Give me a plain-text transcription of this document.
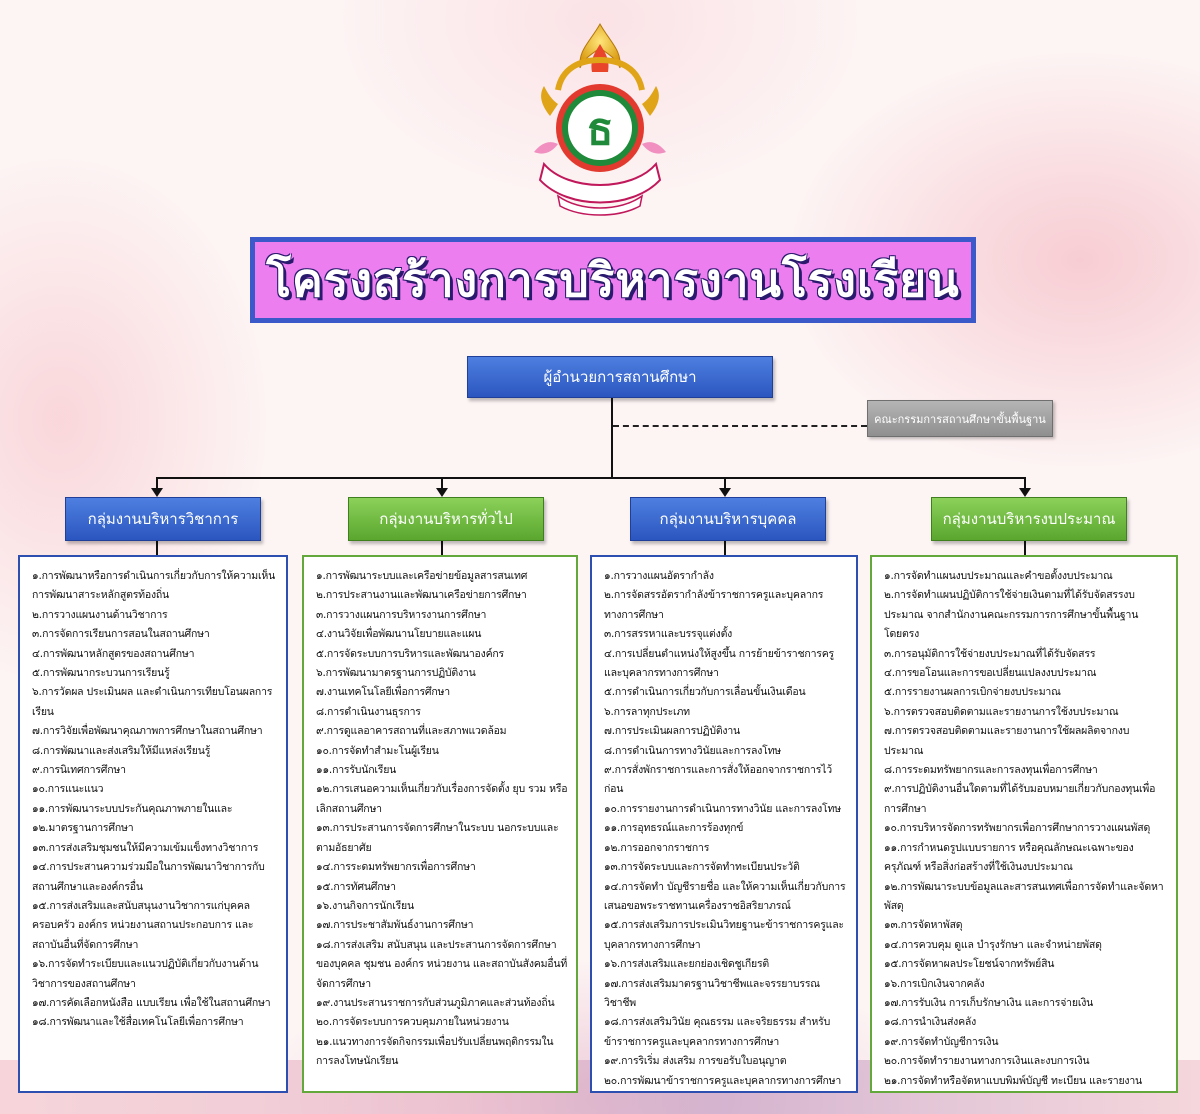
ธ
โครงสร้างการบริหารงานโรงเรียน
ผู้อำนวยการสถานศึกษา
คณะกรรมการสถานศึกษาขั้นพื้นฐาน
กลุ่มงานบริหารวิชาการ	กลุ่มงานบริหารทั่วไป	กลุ่มงานบริหารบุคคล	กลุ่มงานบริหารงบประมาณ
๑.การพัฒนาหรือการดำเนินการเกี่ยวกับการให้ความเห็นการพัฒนาสาระหลักสูตรท้องถิ่น
๒.การวางแผนงานด้านวิชาการ
๓.การจัดการเรียนการสอนในสถานศึกษา
๔.การพัฒนาหลักสูตรของสถานศึกษา
๕.การพัฒนากระบวนการเรียนรู้
๖.การวัดผล ประเมินผล และดำเนินการเทียบโอนผลการเรียน
๗.การวิจัยเพื่อพัฒนาคุณภาพการศึกษาในสถานศึกษา
๘.การพัฒนาและส่งเสริมให้มีแหล่งเรียนรู้
๙.การนิเทศการศึกษา
๑๐.การแนะแนว
๑๑.การพัฒนาระบบประกันคุณภาพภายในและ
๑๒.มาตรฐานการศึกษา
๑๓.การส่งเสริมชุมชนให้มีความเข้มแข็งทางวิชาการ
๑๔.การประสานความร่วมมือในการพัฒนาวิชาการกับสถานศึกษาและองค์กรอื่น
๑๕.การส่งเสริมและสนับสนุนงานวิชาการแก่บุคคล ครอบครัว องค์กร หน่วยงานสถานประกอบการ และสถาบันอื่นที่จัดการศึกษา
๑๖.การจัดทำระเบียบและแนวปฏิบัติเกี่ยวกับงานด้านวิชาการของสถานศึกษา
๑๗.การคัดเลือกหนังสือ แบบเรียน เพื่อใช้ในสถานศึกษา
๑๘.การพัฒนาและใช้สื่อเทคโนโลยีเพื่อการศึกษา
๑.การพัฒนาระบบและเครือข่ายข้อมูลสารสนเทศ
๒.การประสานงานและพัฒนาเครือข่ายการศึกษา
๓.การวางแผนการบริหารงานการศึกษา
๔.งานวิจัยเพื่อพัฒนานโยบายและแผน
๕.การจัดระบบการบริหารและพัฒนาองค์กร
๖.การพัฒนามาตรฐานการปฏิบัติงาน
๗.งานเทคโนโลยีเพื่อการศึกษา
๘.การดำเนินงานธุรการ
๙.การดูแลอาคารสถานที่และสภาพแวดล้อม
๑๐.การจัดทำสำมะโนผู้เรียน
๑๑.การรับนักเรียน
๑๒.การเสนอความเห็นเกี่ยวกับเรื่องการจัดตั้ง ยุบ รวม หรือเลิกสถานศึกษา
๑๓.การประสานการจัดการศึกษาในระบบ นอกระบบและตามอัธยาศัย
๑๔.การระดมทรัพยากรเพื่อการศึกษา
๑๕.การทัศนศึกษา
๑๖.งานกิจการนักเรียน
๑๗.การประชาสัมพันธ์งานการศึกษา
๑๘.การส่งเสริม สนับสนุน และประสานการจัดการศึกษาของบุคคล ชุมชน องค์กร หน่วยงาน และสถาบันสังคมอื่นที่จัดการศึกษา
๑๙.งานประสานราชการกับส่วนภูมิภาคและส่วนท้องถิ่น
๒๐.การจัดระบบการควบคุมภายในหน่วยงาน
๒๑.แนวทางการจัดกิจกรรมเพื่อปรับเปลี่ยนพฤติกรรมในการลงโทษนักเรียน
๑.การวางแผนอัตรากำลัง
๒.การจัดสรรอัตรากำลังข้าราชการครูและบุคลากรทางการศึกษา
๓.การสรรหาและบรรจุแต่งตั้ง
๔.การเปลี่ยนตำแหน่งให้สูงขึ้น การย้ายข้าราชการครูและบุคลากรทางการศึกษา
๕.การดำเนินการเกี่ยวกับการเลื่อนขั้นเงินเดือน
๖.การลาทุกประเภท
๗.การประเมินผลการปฏิบัติงาน
๘.การดำเนินการทางวินัยและการลงโทษ
๙.การสั่งพักราชการและการสั่งให้ออกจากราชการไว้ก่อน
๑๐.การรายงานการดำเนินการทางวินัย และการลงโทษ
๑๑.การอุทธรณ์และการร้องทุกข์
๑๒.การออกจากราชการ
๑๓.การจัดระบบและการจัดทำทะเบียนประวัติ
๑๔.การจัดทำ บัญชีรายชื่อ และให้ความเห็นเกี่ยวกับการเสนอขอพระราชทานเครื่องราชอิสริยาภรณ์
๑๕.การส่งเสริมการประเมินวิทยฐานะข้าราชการครูและบุคลากรทางการศึกษา
๑๖.การส่งเสริมและยกย่องเชิดชูเกียรติ
๑๗.การส่งเสริมมาตรฐานวิชาชีพและจรรยาบรรณวิชาชีพ
๑๘.การส่งเสริมวินัย คุณธรรม และจริยธรรม สำหรับข้าราชการครูและบุคลากรทางการศึกษา
๑๙.การริเริ่ม ส่งเสริม การขอรับใบอนุญาต
๒๐.การพัฒนาข้าราชการครูและบุคลากรทางการศึกษา
๑.การจัดทำแผนงบประมาณและคำขอตั้งงบประมาณ
๒.การจัดทำแผนปฏิบัติการใช้จ่ายเงินตามที่ได้รับจัดสรรงบประมาณ จากสำนักงานคณะกรรมการการศึกษาขั้นพื้นฐานโดยตรง
๓.การอนุมัติการใช้จ่ายงบประมาณที่ได้รับจัดสรร
๔.การขอโอนและการขอเปลี่ยนแปลงงบประมาณ
๕.การรายงานผลการเบิกจ่ายงบประมาณ
๖.การตรวจสอบติดตามและรายงานการใช้งบประมาณ
๗.การตรวจสอบติดตามและรายงานการใช้ผลผลิตจากงบประมาณ
๘.การระดมทรัพยากรและการลงทุนเพื่อการศึกษา
๙.การปฏิบัติงานอื่นใดตามที่ได้รับมอบหมายเกี่ยวกับกองทุนเพื่อการศึกษา
๑๐.การบริหารจัดการทรัพยากรเพื่อการศึกษาการวางแผนพัสดุ
๑๑.การกำหนดรูปแบบรายการ หรือคุณลักษณะเฉพาะของครุภัณฑ์ หรือสิ่งก่อสร้างที่ใช้เงินงบประมาณ
๑๒.การพัฒนาระบบข้อมูลและสารสนเทศเพื่อการจัดทำและจัดหาพัสดุ
๑๓.การจัดหาพัสดุ
๑๔.การควบคุม ดูแล บำรุงรักษา และจำหน่ายพัสดุ
๑๕.การจัดหาผลประโยชน์จากทรัพย์สิน
๑๖.การเบิกเงินจากคลัง
๑๗.การรับเงิน การเก็บรักษาเงิน และการจ่ายเงิน
๑๘.การนำเงินส่งคลัง
๑๙.การจัดทำบัญชีการเงิน
๒๐.การจัดทำรายงานทางการเงินและงบการเงิน
๒๑.การจัดทำหรือจัดหาแบบพิมพ์บัญชี ทะเบียน และรายงาน
